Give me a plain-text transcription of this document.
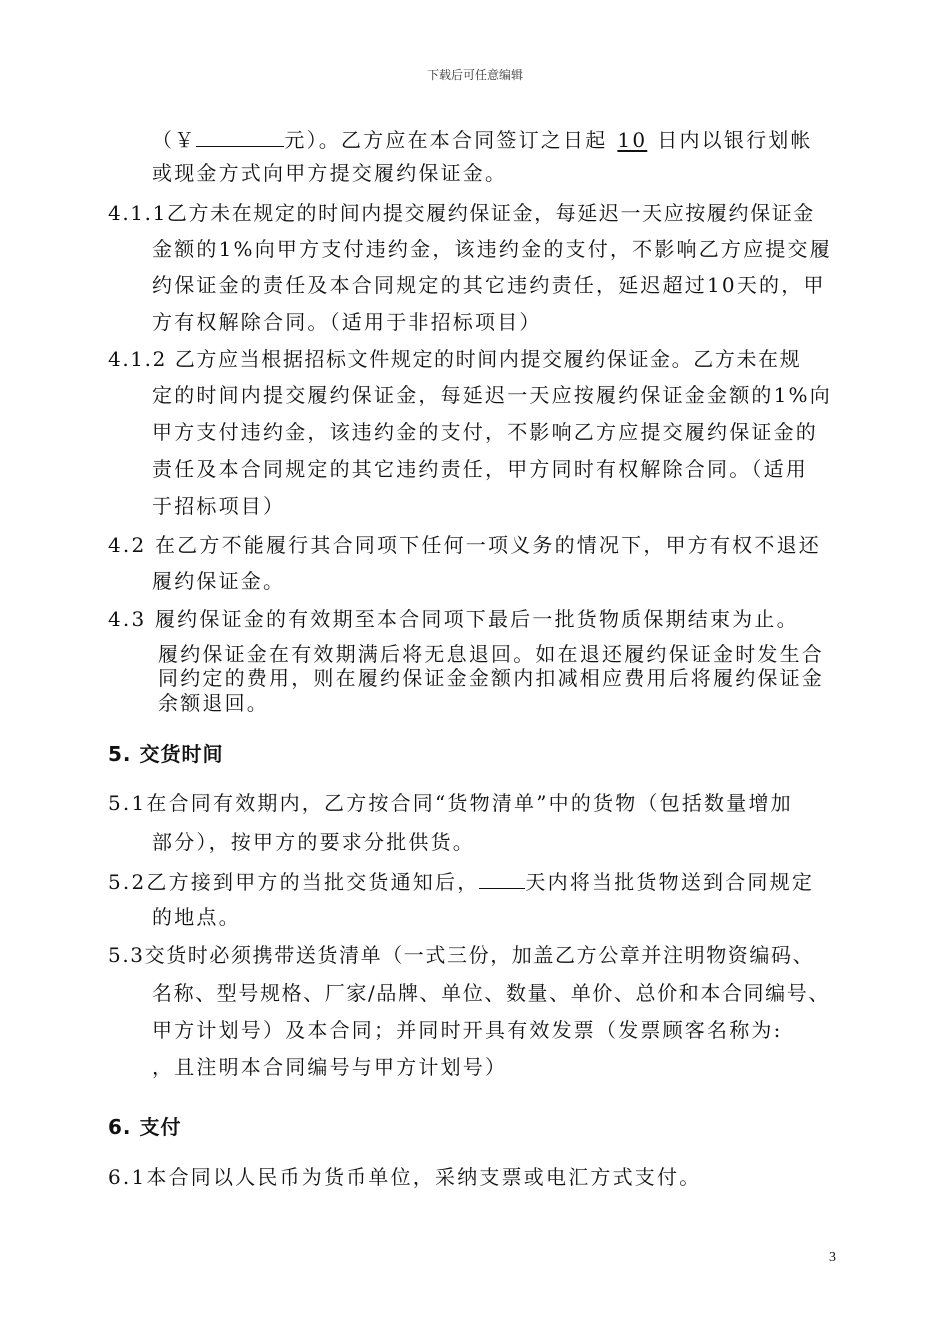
下载后可任意编辑
（￥	元）。乙方应在本合同签订之日起 10 日内以银行划帐
或现金方式向甲方提交履约保证金。
4.1.1乙方未在规定的时间内提交履约保证金，每延迟一天应按履约保证金
金额的1%向甲方支付违约金，该违约金的支付，不影响乙方应提交履
约保证金的责任及本合同规定的其它违约责任，延迟超过10天的，甲
方有权解除合同。（适用于非招标项目）
4.1.2 乙方应当根据招标文件规定的时间内提交履约保证金。乙方未在规
定的时间内提交履约保证金，每延迟一天应按履约保证金金额的1%向
甲方支付违约金，该违约金的支付，不影响乙方应提交履约保证金的
责任及本合同规定的其它违约责任，甲方同时有权解除合同。（适用
于招标项目）
4.2 在乙方不能履行其合同项下任何一项义务的情况下，甲方有权不退还
履约保证金。
4.3 履约保证金的有效期至本合同项下最后一批货物质保期结束为止。
履约保证金在有效期满后将无息退回。如在退还履约保证金时发生合
同约定的费用，则在履约保证金金额内扣减相应费用后将履约保证金
余额退回。
5. 交货时间
5.1在合同有效期内，乙方按合同“货物清单”中的货物（包括数量增加
部分），按甲方的要求分批供货。
5.2乙方接到甲方的当批交货通知后， 天内将当批货物送到合同规定
的地点。
5.3交货时必须携带送货清单（一式三份，加盖乙方公章并注明物资编码、
名称、型号规格、厂家/品牌、单位、数量、单价、总价和本合同编号、
甲方计划号）及本合同；并同时开具有效发票（发票顾客名称为:
，且注明本合同编号与甲方计划号）
6. 支付
6.1本合同以人民币为货币单位，采纳支票或电汇方式支付。
3
